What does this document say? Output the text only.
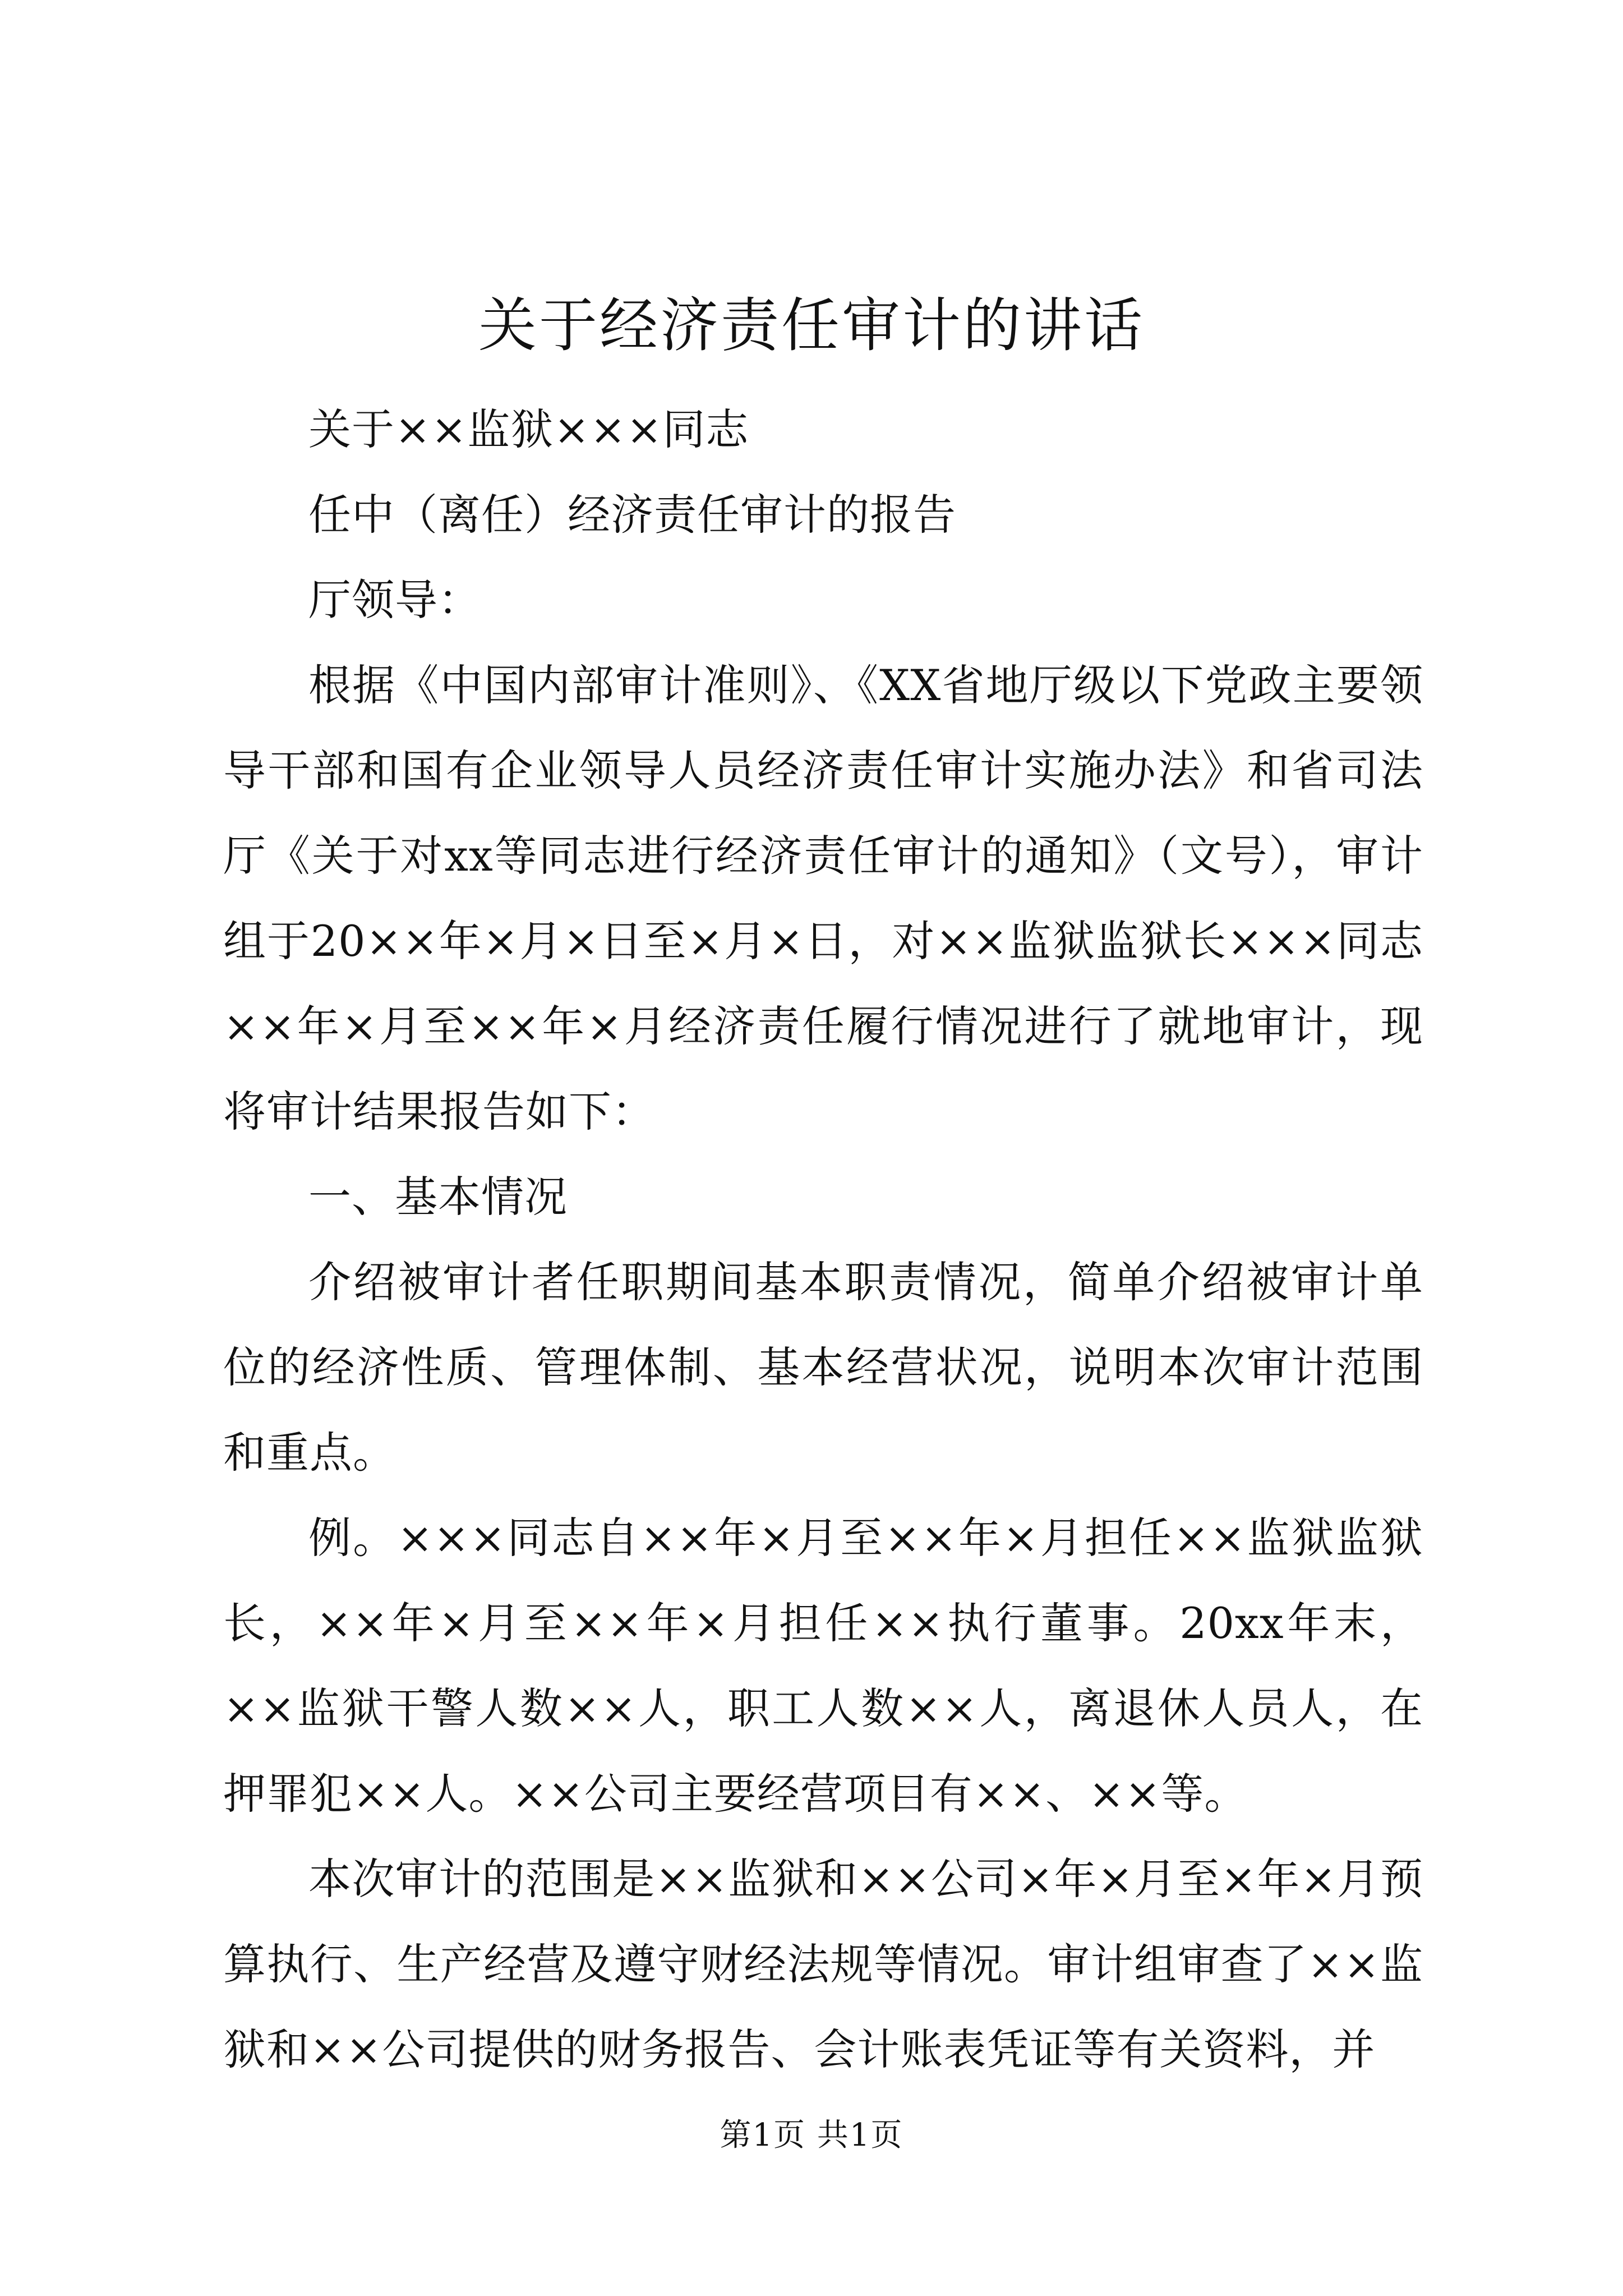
关于经济责任审计的讲话

关于××监狱×××同志

任中（离任）经济责任审计的报告

厅领导：

根据《中国内部审计准则》、《XX省地厅级以下党政主要领导干部和国有企业领导人员经济责任审计实施办法》和省司法厅《关于对xx等同志进行经济责任审计的通知》（文号），审计组于20××年×月×日至×月×日，对××监狱监狱长×××同志××年×月至××年×月经济责任履行情况进行了就地审计，现将审计结果报告如下：

一、基本情况

介绍被审计者任职期间基本职责情况，简单介绍被审计单位的经济性质、管理体制、基本经营状况，说明本次审计范围和重点。

例。×××同志自××年×月至××年×月担任××监狱监狱长，××年×月至××年×月担任××执行董事。20xx年末，××监狱干警人数××人，职工人数××人，离退休人员人，在押罪犯××人。××公司主要经营项目有××、××等。

本次审计的范围是××监狱和××公司×年×月至×年×月预算执行、生产经营及遵守财经法规等情况。审计组审查了××监狱和××公司提供的财务报告、会计账表凭证等有关资料，并

第1页 共1页
